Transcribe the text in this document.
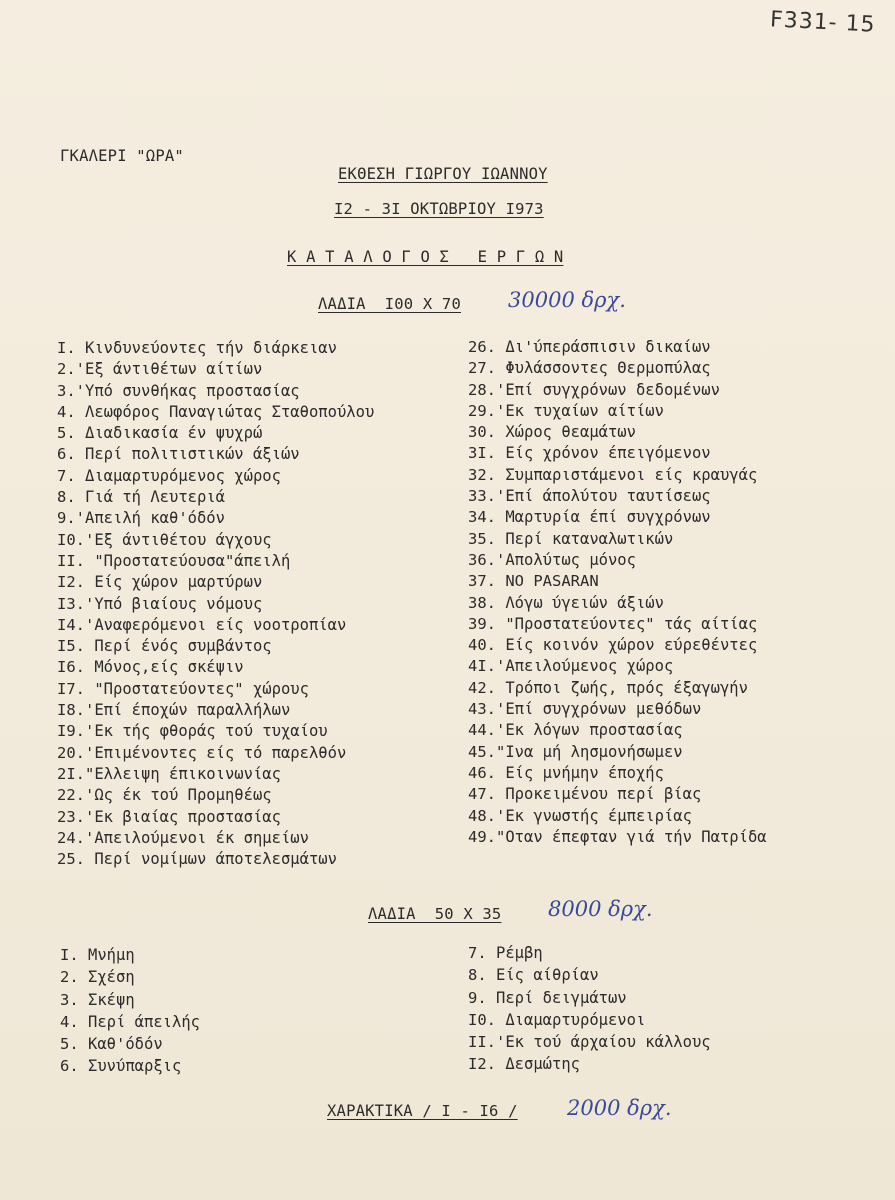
F331- 15
ΓΚΑΛΕΡΙ "ΩΡΑ"
ΕΚΘΕΣΗ ΓΙΩΡΓΟΥ ΙΩΑΝΝΟΥ
I2 - 3I ΟΚΤΩΒΡΙΟΥ I973
Κ Α Τ Α Λ Ο Γ Ο Σ   Ε Ρ Γ Ω Ν
ΛΑΔΙΑ  I00 X 70 30000 δρχ.
I. Κινδυνεύοντες τήν διάρκειαν
2.'Εξ άντιθέτων αίτίων
3.'Υπό συνθήκας προστασίας
4. Λεωφόρος Παναγιώτας Σταθοπούλου
5. Διαδικασία έν ψυχρώ
6. Περί πολιτιστικών άξιών
7. Διαμαρτυρόμενος χώρος
8. Γιά τή Λευτεριά
9.'Απειλή καθ'όδόν
I0.'Εξ άντιθέτου άγχους
II. "Προστατεύουσα"άπειλή
I2. Είς χώρον μαρτύρων
I3.'Υπό βιαίους νόμους
I4.'Αναφερόμενοι είς νοοτροπίαν
I5. Περί ένός συμβάντος
I6. Μόνος,είς σκέψιν
I7. "Προστατεύοντες" χώρους
I8.'Επί έποχών παραλλήλων
I9.'Εκ τής φθοράς τού τυχαίου
20.'Επιμένοντες είς τό παρελθόν
2I."Ελλειψη έπικοινωνίας
22.'Ως έκ τού Προμηθέως
23.'Εκ βιαίας προστασίας
24.'Απειλούμενοι έκ σημείων
25. Περί νομίμων άποτελεσμάτων
26. Δι'ύπεράσπισιν δικαίων
27. Φυλάσσοντες Θερμοπύλας
28.'Επί συγχρόνων δεδομένων
29.'Εκ τυχαίων αίτίων
30. Χώρος θεαμάτων
3I. Είς χρόνον έπειγόμενον
32. Συμπαριστάμενοι είς κραυγάς
33.'Επί άπολύτου ταυτίσεως
34. Μαρτυρία έπί συγχρόνων
35. Περί καταναλωτικών
36.'Απολύτως μόνος
37. NO PASARAN
38. Λόγω ύγειών άξιών
39. "Προστατεύοντες" τάς αίτίας
40. Είς κοινόν χώρον εύρεθέντες
4I.'Απειλούμενος χώρος
42. Τρόποι ζωής, πρός έξαγωγήν
43.'Επί συγχρόνων μεθόδων
44.'Εκ λόγων προστασίας
45."Ινα μή λησμονήσωμεν
46. Είς μνήμην έποχής
47. Προκειμένου περί βίας
48.'Εκ γνωστής έμπειρίας
49."Οταν έπεφταν γιά τήν Πατρίδα
ΛΑΔΙΑ  50 X 35 8000 δρχ.
I. Μνήμη
2. Σχέση
3. Σκέψη
4. Περί άπειλής
5. Καθ'όδόν
6. Συνύπαρξις
7. Ρέμβη
8. Είς αίθρίαν
9. Περί δειγμάτων
I0. Διαμαρτυρόμενοι
II.'Εκ τού άρχαίου κάλλους
I2. Δεσμώτης
ΧΑΡΑΚΤΙΚΑ / I - I6 / 2000 δρχ.
